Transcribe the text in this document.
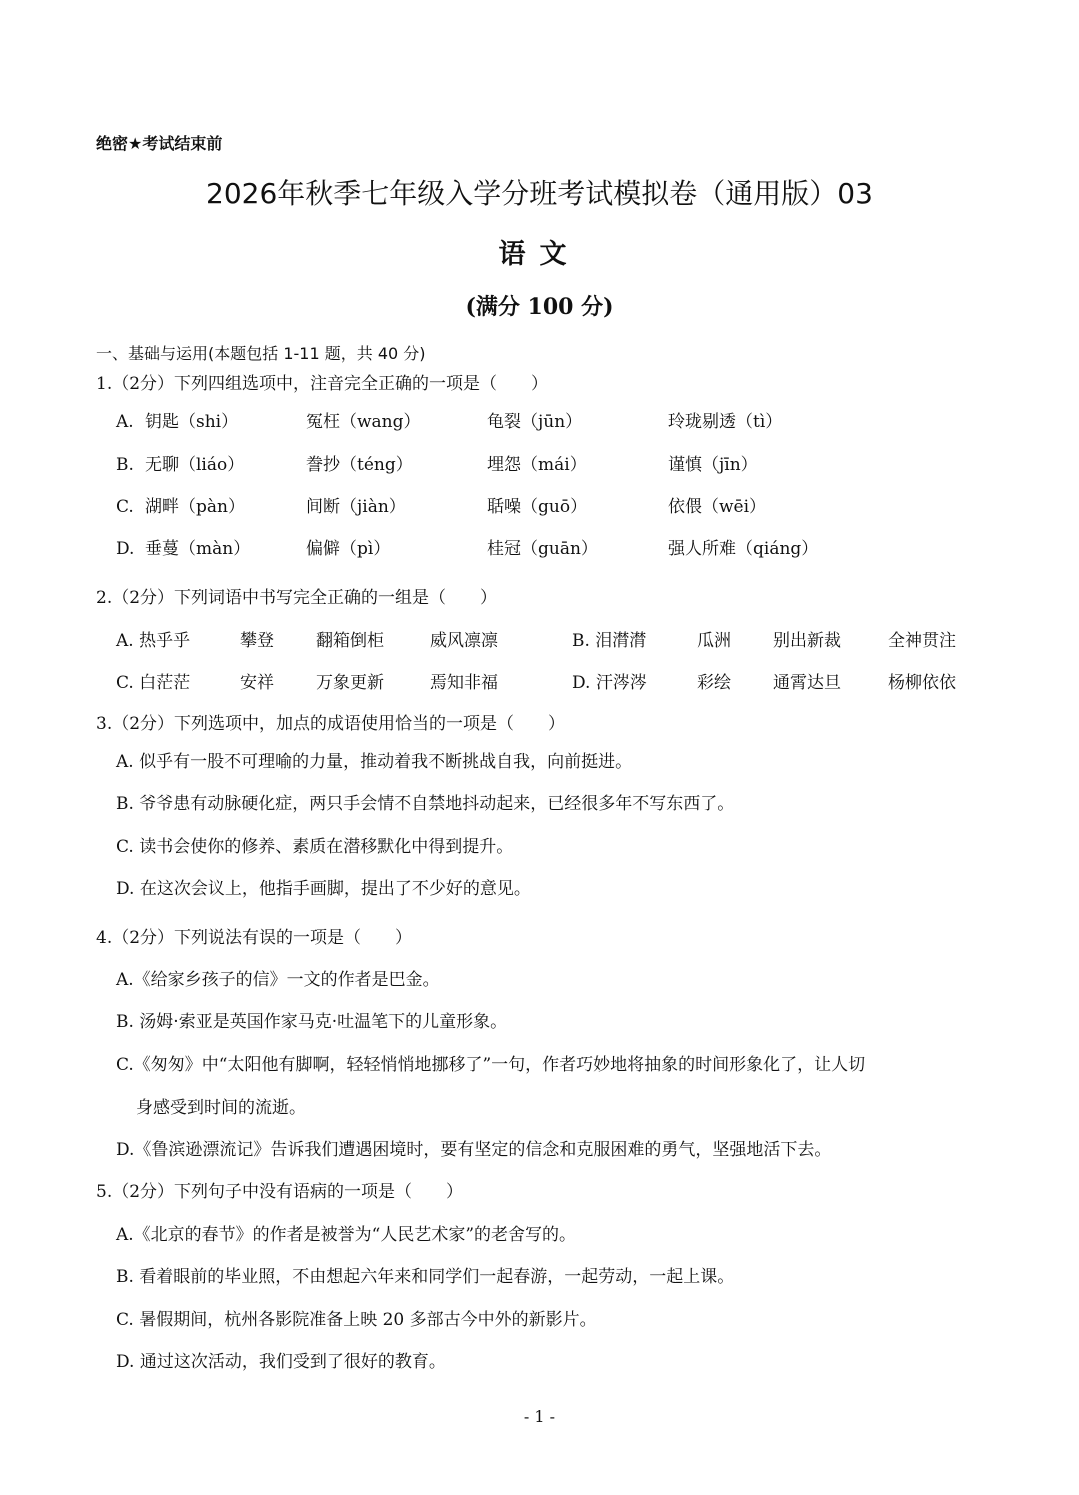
绝密★考试结束前
2026年秋季七年级入学分班考试模拟卷（通用版）03
语文
(满分 100 分)
一、基础与运用(本题包括 1-11 题，共 40 分)
1.（2分）下列四组选项中，注音完全正确的一项是（　　）
A. 钥匙（shi）	冤枉（wang）	龟裂（jūn）	玲珑剔透（tì）
B. 无聊（liáo）	誊抄（téng）	埋怨（mái）	谨慎（jīn）
C. 湖畔（pàn）	间断（jiàn）	聒噪（guō）	依偎（wēi）
D. 垂蔓（màn）	偏僻（pì）	桂冠（guān）	强人所难（qiáng）
2.（2分）下列词语中书写完全正确的一组是（　　）
A. 热乎乎	攀登 翻箱倒柜	威风凛凛	B. 泪潸潸	瓜洲 别出新裁	全神贯注
C. 白茫茫	安祥 万象更新	焉知非福	D. 汗涔涔	彩绘 通霄达旦	杨柳依依
3.（2分）下列选项中，加点的成语使用恰当的一项是（　　）
A. 似乎有一股不可理喻的力量，推动着我不断挑战自我，向前挺进。
B. 爷爷患有动脉硬化症，两只手会情不自禁地抖动起来，已经很多年不写东西了。
C. 读书会使你的修养、素质在潜移默化中得到提升。
D. 在这次会议上，他指手画脚，提出了不少好的意见。
4.（2分）下列说法有误的一项是（　　）
A.《给家乡孩子的信》一文的作者是巴金。
B. 汤姆·索亚是英国作家马克·吐温笔下的儿童形象。
C.《匆匆》中“太阳他有脚啊，轻轻悄悄地挪移了”一句，作者巧妙地将抽象的时间形象化了，让人切
身感受到时间的流逝。
D.《鲁滨逊漂流记》告诉我们遭遇困境时，要有坚定的信念和克服困难的勇气，坚强地活下去。
5.（2分）下列句子中没有语病的一项是（　　）
A.《北京的春节》的作者是被誉为“人民艺术家”的老舍写的。
B. 看着眼前的毕业照，不由想起六年来和同学们一起春游，一起劳动，一起上课。
C. 暑假期间，杭州各影院准备上映 20 多部古今中外的新影片。
D. 通过这次活动，我们受到了很好的教育。
- 1 -
